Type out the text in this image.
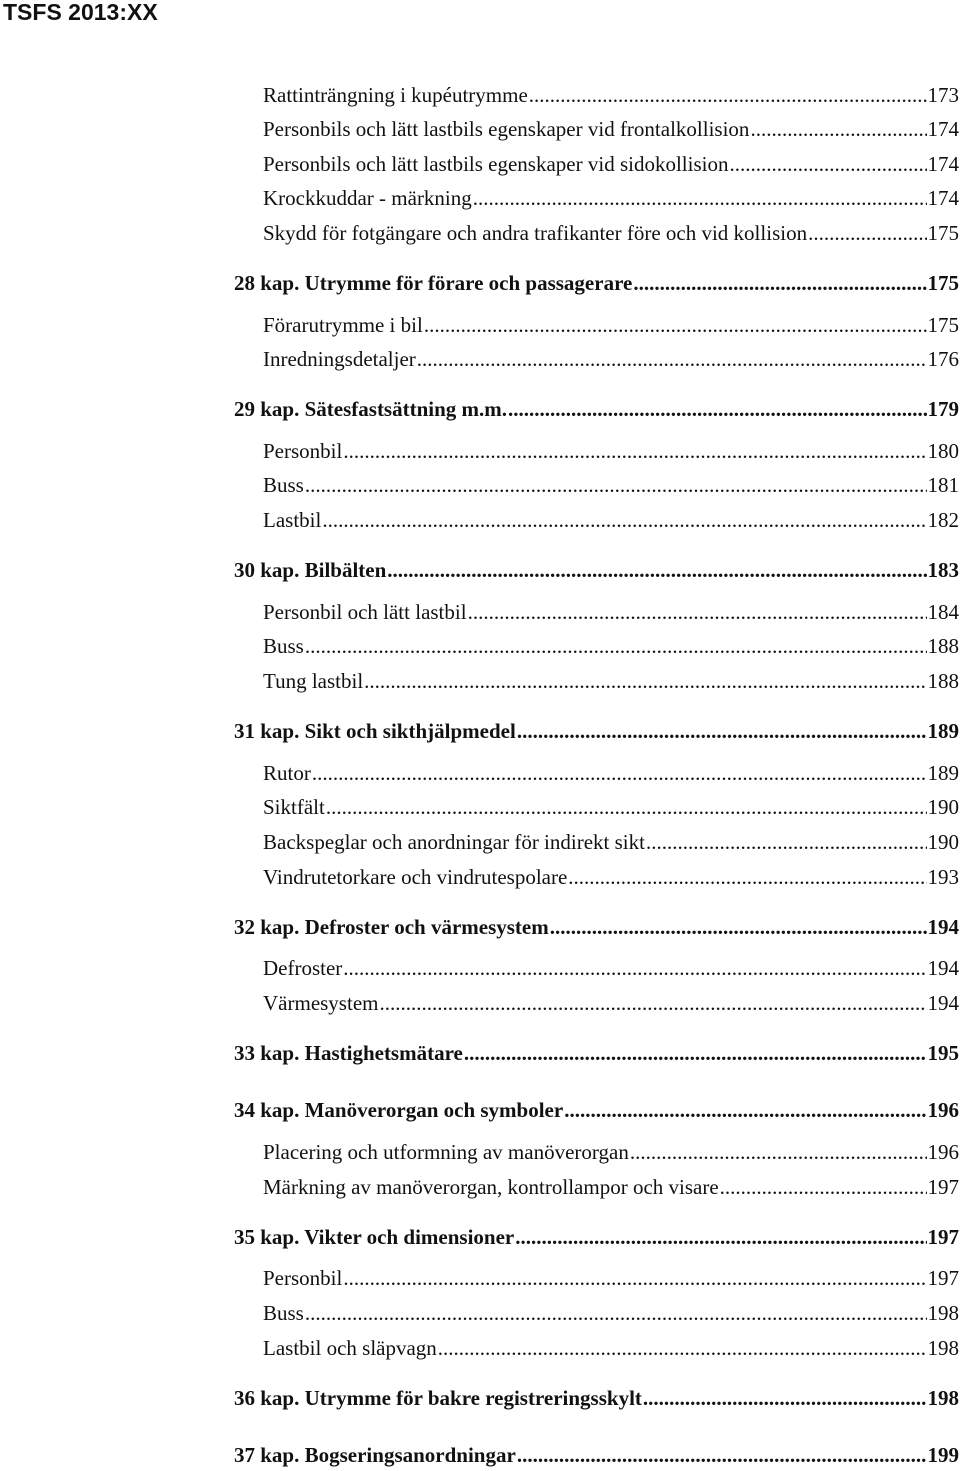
TSFS 2013:XX
Rattinträngning i kupéutrymme .....	173
Personbils och lätt lastbils egenskaper vid frontalkollision .....	174
Personbils och lätt lastbils egenskaper vid sidokollision .....	174
Krockkuddar - märkning .....	174
Skydd för fotgängare och andra trafikanter före och vid kollision .....	175
28 kap. Utrymme för förare och passagerare .....	175
Förarutrymme i bil .....	175
Inredningsdetaljer .....	176
29 kap. Sätesfastsättning m.m. .....	179
Personbil .....	180
Buss .....	181
Lastbil .....	182
30 kap. Bilbälten .....	183
Personbil och lätt lastbil .....	184
Buss .....	188
Tung lastbil .....	188
31 kap. Sikt och sikthjälpmedel .....	189
Rutor .....	189
Siktfält .....	190
Backspeglar och anordningar för indirekt sikt .....	190
Vindrutetorkare och vindrutespolare .....	193
32 kap. Defroster och värmesystem .....	194
Defroster .....	194
Värmesystem .....	194
33 kap. Hastighetsmätare .....	195
34 kap. Manöverorgan och symboler .....	196
Placering och utformning av manöverorgan .....	196
Märkning av manöverorgan, kontrollampor och visare .....	197
35 kap. Vikter och dimensioner .....	197
Personbil .....	197
Buss .....	198
Lastbil och släpvagn .....	198
36 kap. Utrymme för bakre registreringsskylt .....	198
37 kap. Bogseringsanordningar .....	199
